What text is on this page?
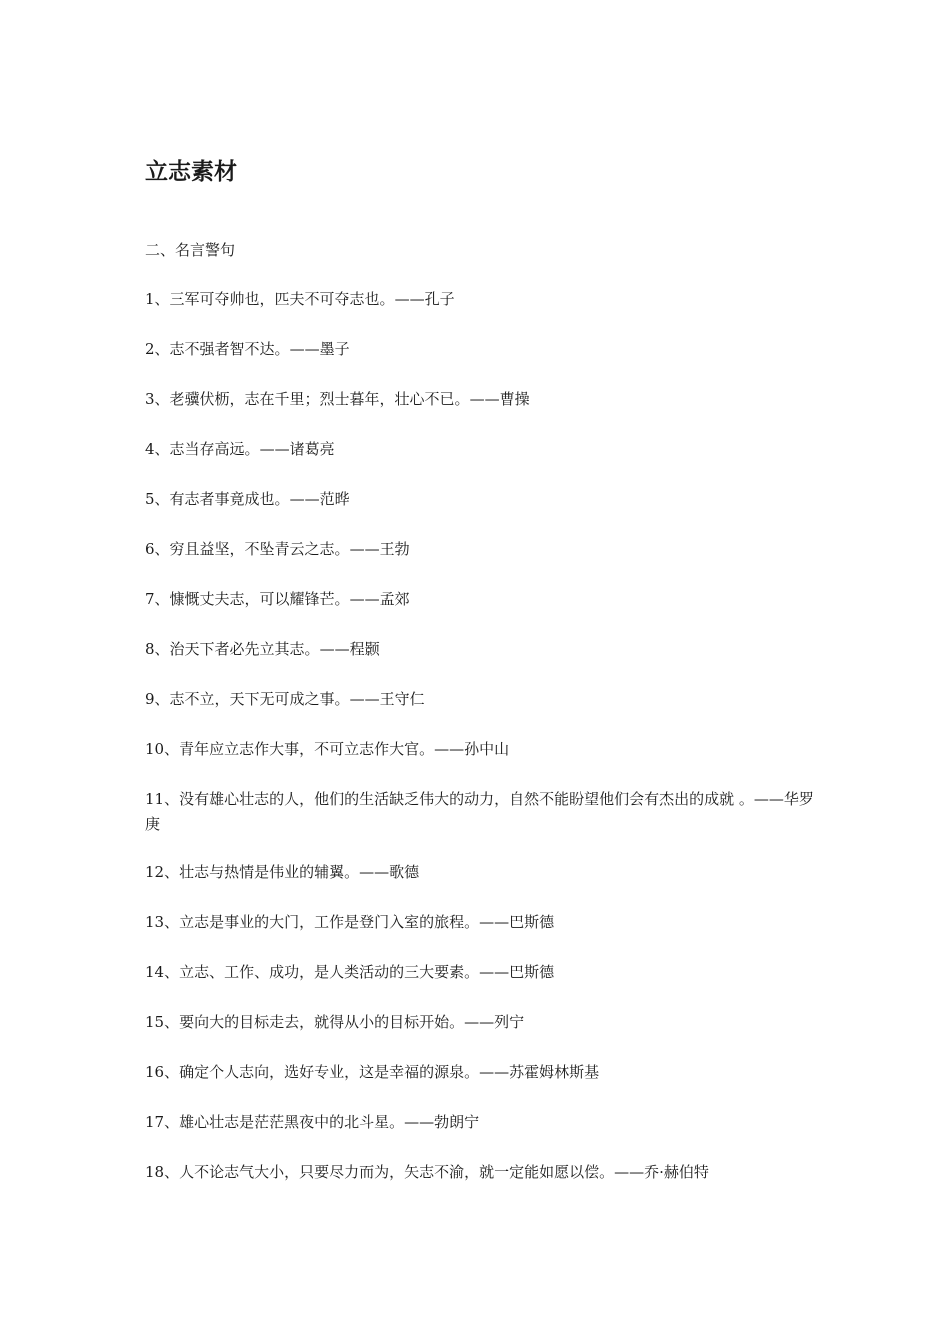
立志素材
二、名言警句
1、三军可夺帅也，匹夫不可夺志也。 —— 孔子
2、志不强者智不达。 —— 墨子
3、老骥伏枥，志在千里；烈士暮年，壮心不已。 —— 曹操
4、志当存高远。 —— 诸葛亮
5、有志者事竟成也。 —— 范晔
6、穷且益坚，不坠青云之志。 —— 王勃
7、慷慨丈夫志，可以耀锋芒。 —— 孟郊
8、治天下者必先立其志。 —— 程颢
9、志不立，天下无可成之事。 —— 王守仁
10、青年应立志作大事，不可立志作大官。 —— 孙中山
11、没有雄心壮志的人，他们的生活缺乏伟大的动力，自然不能盼望他们会有杰出的成就 。 —— 华罗庚
12、壮志与热情是伟业的辅翼。 —— 歌德
13、立志是事业的大门，工作是登门入室的旅程。 —— 巴斯德
14、立志、工作、成功，是人类活动的三大要素。 —— 巴斯德
15、要向大的目标走去，就得从小的目标开始。 —— 列宁
16、确定个人志向，选好专业，这是幸福的源泉。 —— 苏霍姆林斯基
17、雄心壮志是茫茫黑夜中的北斗星。 —— 勃朗宁
18、人不论志气大小，只要尽力而为，矢志不渝，就一定能如愿以偿。 —— 乔·赫伯特
